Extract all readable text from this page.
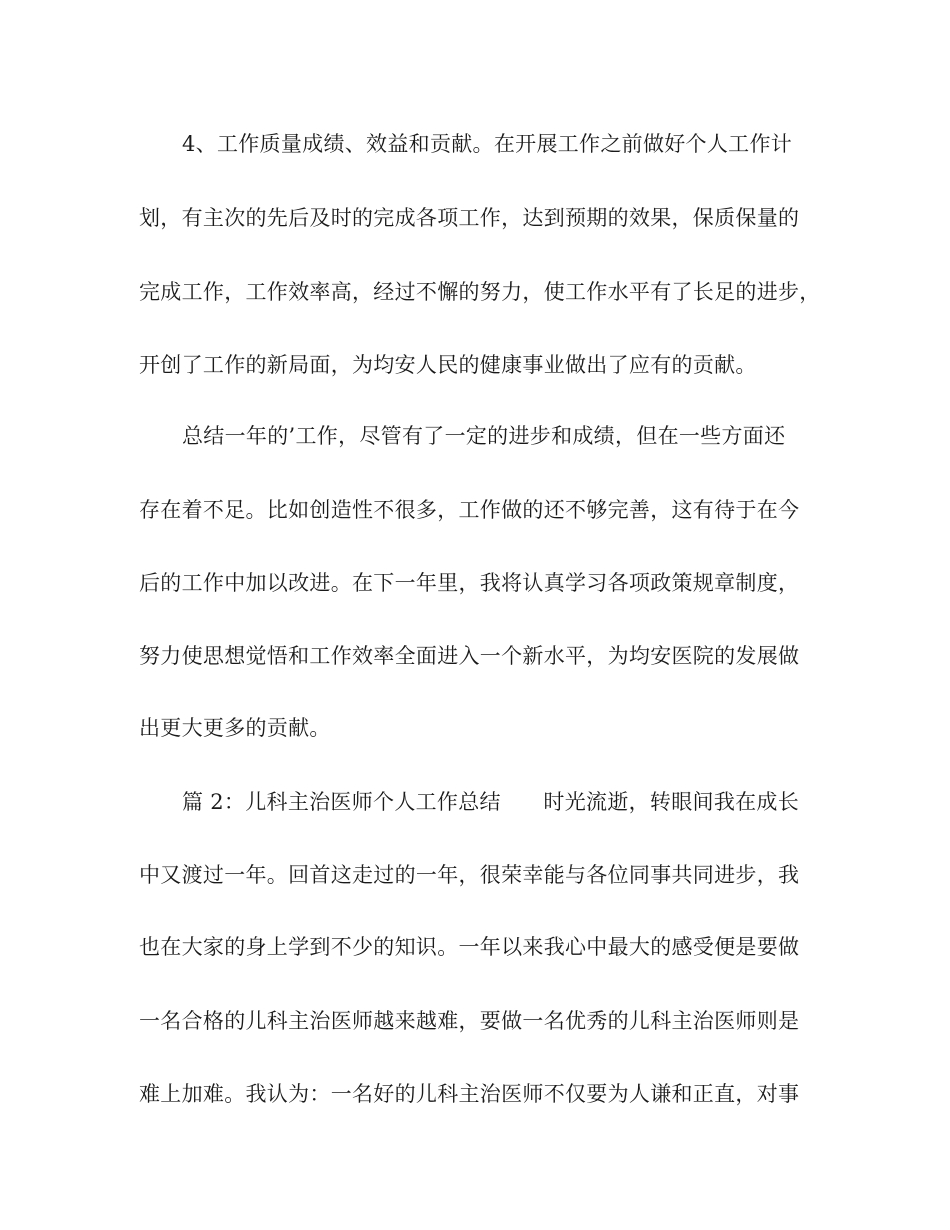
4、工作质量成绩、效益和贡献。在开展工作之前做好个人工作计
划，有主次的先后及时的完成各项工作，达到预期的效果，保质保量的
完成工作，工作效率高，经过不懈的努力，使工作水平有了长足的进步，
开创了工作的新局面，为均安人民的健康事业做出了应有的贡献。
总结一年的’工作，尽管有了一定的进步和成绩，但在一些方面还
存在着不足。比如创造性不很多，工作做的还不够完善，这有待于在今
后的工作中加以改进。在下一年里，我将认真学习各项政策规章制度，
努力使思想觉悟和工作效率全面进入一个新水平，为均安医院的发展做
出更大更多的贡献。
篇 2：儿科主治医师个人工作总结　　时光流逝，转眼间我在成长
中又渡过一年。回首这走过的一年，很荣幸能与各位同事共同进步，我
也在大家的身上学到不少的知识。一年以来我心中最大的感受便是要做
一名合格的儿科主治医师越来越难，要做一名优秀的儿科主治医师则是
难上加难。我认为：一名好的儿科主治医师不仅要为人谦和正直，对事
